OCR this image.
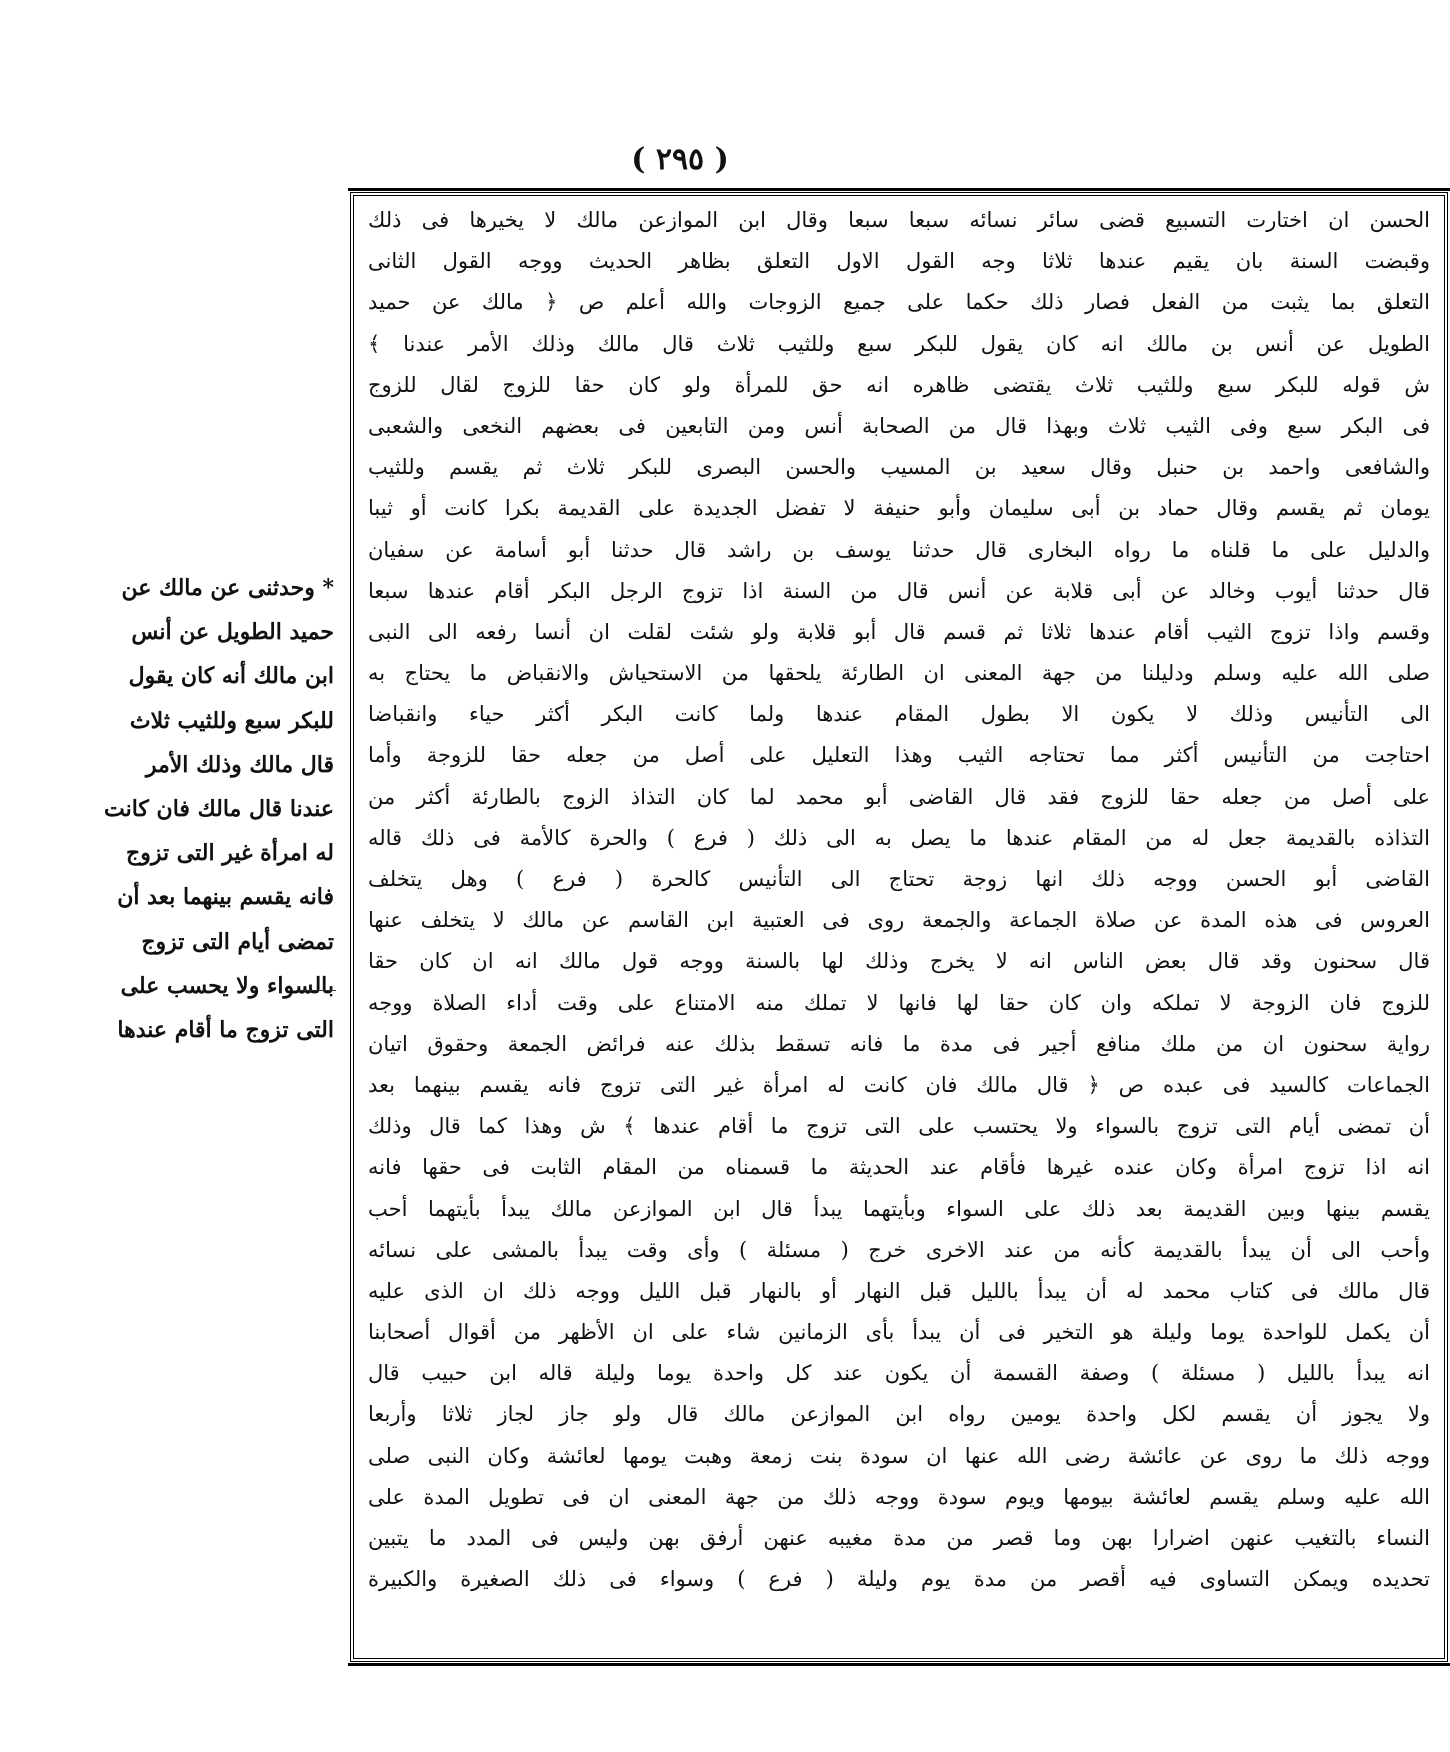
( ٢٩٥ )
* وحدثنى عن مالك عن
حميد الطويل عن أنس
ابن مالك أنه كان يقول
للبكر سبع وللثيب ثلاث
قال مالك وذلك الأمر
عندنا قال مالك فان كانت
له امرأة غير التى تزوج
فانه يقسم بينهما بعد أن
تمضى أيام التى تزوج
بالسواء ولا يحسب على
التى تزوج ما أقام عندها
الحسن ان اختارت التسبيع قضى سائر نسائه سبعا سبعا وقال ابن الموازعن مالك لا يخيرها فى ذلك
وقبضت السنة بان يقيم عندها ثلاثا وجه القول الاول التعلق بظاهر الحديث ووجه القول الثانى
التعلق بما يثبت من الفعل فصار ذلك حكما على جميع الزوجات والله أعلم ص ﴿ مالك عن حميد
الطويل عن أنس بن مالك انه كان يقول للبكر سبع وللثيب ثلاث قال مالك وذلك الأمر عندنا ﴾
ش قوله للبكر سبع وللثيب ثلاث يقتضى ظاهره انه حق للمرأة ولو كان حقا للزوج لقال للزوج
فى البكر سبع وفى الثيب ثلاث وبهذا قال من الصحابة أنس ومن التابعين فى بعضهم النخعى والشعبى
والشافعى واحمد بن حنبل وقال سعيد بن المسيب والحسن البصرى للبكر ثلاث ثم يقسم وللثيب
يومان ثم يقسم وقال حماد بن أبى سليمان وأبو حنيفة لا تفضل الجديدة على القديمة بكرا كانت أو ثيبا
والدليل على ما قلناه ما رواه البخارى قال حدثنا يوسف بن راشد قال حدثنا أبو أسامة عن سفيان
قال حدثنا أيوب وخالد عن أبى قلابة عن أنس قال من السنة اذا تزوج الرجل البكر أقام عندها سبعا
وقسم واذا تزوج الثيب أقام عندها ثلاثا ثم قسم قال أبو قلابة ولو شئت لقلت ان أنسا رفعه الى النبى
صلى الله عليه وسلم ودليلنا من جهة المعنى ان الطارئة يلحقها من الاستحياش والانقباض ما يحتاج به
الى التأنيس وذلك لا يكون الا بطول المقام عندها ولما كانت البكر أكثر حياء وانقباضا
احتاجت من التأنيس أكثر مما تحتاجه الثيب وهذا التعليل على أصل من جعله حقا للزوجة وأما
على أصل من جعله حقا للزوج فقد قال القاضى أبو محمد لما كان التذاذ الزوج بالطارئة أكثر من
التذاذه بالقديمة جعل له من المقام عندها ما يصل به الى ذلك ( فرع ) والحرة كالأمة فى ذلك قاله
القاضى أبو الحسن ووجه ذلك انها زوجة تحتاج الى التأنيس كالحرة ( فرع ) وهل يتخلف
العروس فى هذه المدة عن صلاة الجماعة والجمعة روى فى العتبية ابن القاسم عن مالك لا يتخلف عنها
قال سحنون وقد قال بعض الناس انه لا يخرج وذلك لها بالسنة ووجه قول مالك انه ان كان حقا
للزوج فان الزوجة لا تملكه وان كان حقا لها فانها لا تملك منه الامتناع على وقت أداء الصلاة ووجه
رواية سحنون ان من ملك منافع أجير فى مدة ما فانه تسقط بذلك عنه فرائض الجمعة وحقوق اتيان
الجماعات كالسيد فى عبده ص ﴿ قال مالك فان كانت له امرأة غير التى تزوج فانه يقسم بينهما بعد
أن تمضى أيام التى تزوج بالسواء ولا يحتسب على التى تزوج ما أقام عندها ﴾ ش وهذا كما قال وذلك
انه اذا تزوج امرأة وكان عنده غيرها فأقام عند الحديثة ما قسمناه من المقام الثابت فى حقها فانه
يقسم بينها وبين القديمة بعد ذلك على السواء وبأيتهما يبدأ قال ابن الموازعن مالك يبدأ بأيتهما أحب
وأحب الى أن يبدأ بالقديمة كأنه من عند الاخرى خرج ( مسئلة ) وأى وقت يبدأ بالمشى على نسائه
قال مالك فى كتاب محمد له أن يبدأ بالليل قبل النهار أو بالنهار قبل الليل ووجه ذلك ان الذى عليه
أن يكمل للواحدة يوما وليلة هو التخير فى أن يبدأ بأى الزمانين شاء على ان الأظهر من أقوال أصحابنا
انه يبدأ بالليل ( مسئلة ) وصفة القسمة أن يكون عند كل واحدة يوما وليلة قاله ابن حبيب قال
ولا يجوز أن يقسم لكل واحدة يومين رواه ابن الموازعن مالك قال ولو جاز لجاز ثلاثا وأربعا
ووجه ذلك ما روى عن عائشة رضى الله عنها ان سودة بنت زمعة وهبت يومها لعائشة وكان النبى صلى
الله عليه وسلم يقسم لعائشة بيومها ويوم سودة ووجه ذلك من جهة المعنى ان فى تطويل المدة على
النساء بالتغيب عنهن اضرارا بهن وما قصر من مدة مغيبه عنهن أرفق بهن وليس فى المدد ما يتبين
تحديده ويمكن التساوى فيه أقصر من مدة يوم وليلة ( فرع ) وسواء فى ذلك الصغيرة والكبيرة
